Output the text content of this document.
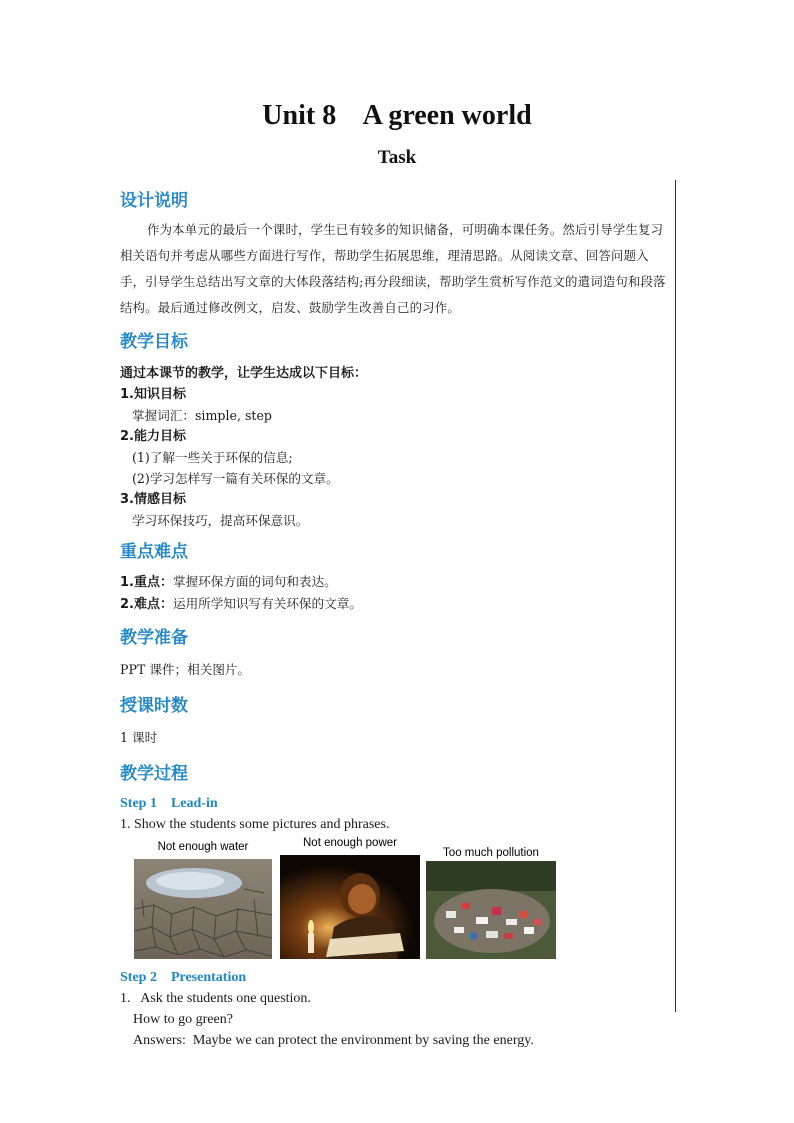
Unit 8    A green world
Task
设计说明

作为本单元的最后一个课时，学生已有较多的知识储备，可明确本课任务。然后引导学生复习相关语句并考虑从哪些方面进行写作，帮助学生拓展思维，理清思路。从阅读文章、回答问题入手，引导学生总结出写文章的大体段落结构;再分段细读，帮助学生赏析写作范文的遣词造句和段落结构。最后通过修改例文，启发、鼓励学生改善自己的习作。

教学目标

通过本课节的教学，让学生达成以下目标：

1.知识目标

掌握词汇：simple, step

2.能力目标

(1)了解一些关于环保的信息;

(2)学习怎样写一篇有关环保的文章。

3.情感目标

学习环保技巧，提高环保意识。

重点难点

1.重点：掌握环保方面的词句和表达。

2.难点：运用所学知识写有关环保的文章。

教学准备

PPT 课件；相关图片。

授课时数

1 课时

教学过程
Step 1    Lead-in

1. Show the students some pictures and phrases.

Not enough water	Not enough power
Too much pollution
Step 2    Presentation

1.   Ask the students one question.

How to go green?

Answers:  Maybe we can protect the environment by saving the energy.
